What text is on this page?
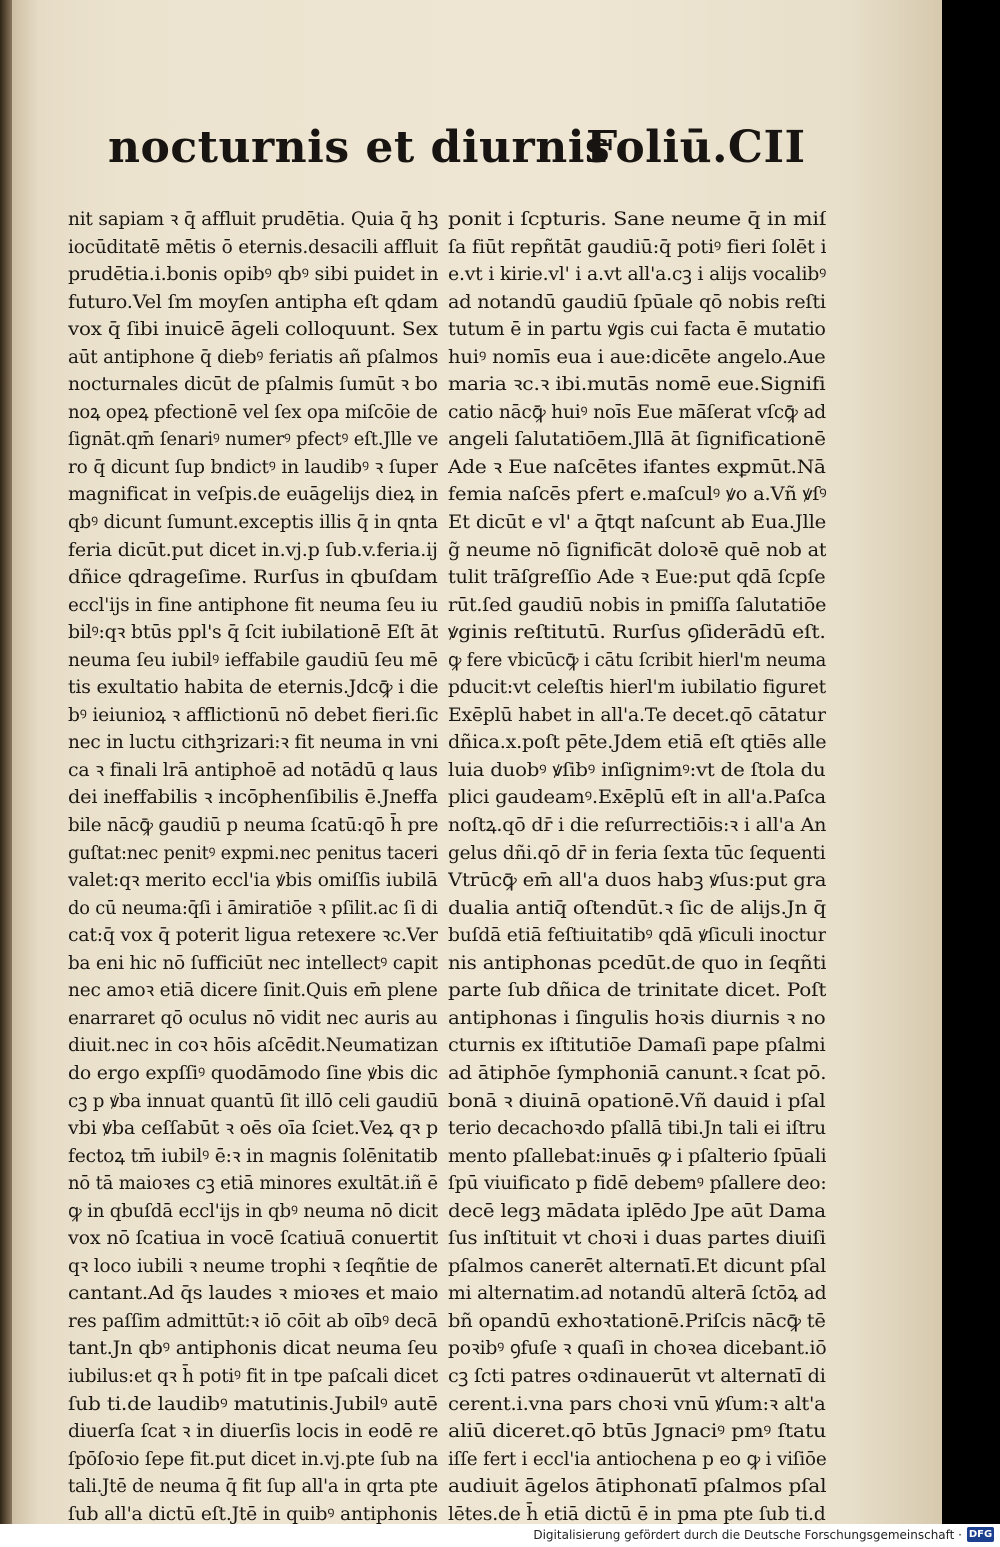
nocturnis et diurnis
Foliū.CII
nit sapiam ꝛ q̄ affluit prudētia. Quia q̄ hꝫ
iocūditatē mētis ō eternis.desacili affluit
prudētia.i.bonis opibꝰ qbꝰ sibi puidet in
futuro.Vel ſm moyſen antipha eſt qdam
vox q̄ ſibi inuicē āgeli colloquunt. Sex
aūt antiphone q̄ diebꝰ feriatis añ pſalmos
nocturnales dicūt de pſalmis ſumūt ꝛ bo
noꝝ opeꝝ pfectionē vel ſex opa miſcōie de
ſignāt.qm̄ ſenariꝰ numerꝰ pfectꝰ eſt.Jlle ve
ro q̄ dicunt ſup bndictꝰ in laudibꝰ ꝛ ſuper
magnificat in veſpis.de euāgelijs dieꝝ in
qbꝰ dicunt ſumunt.exceptis illis q̄ in qnta
feria dicūt.put dicet in.vj.p ſub.v.feria.ij
dñice qdrageſime. Rurſus in qbuſdam
eccl'ijs in fine antiphone fit neuma ſeu iu
bilꝰ:qꝛ btūs ppl's q̄ ſcit iubilationē Eſt āt
neuma ſeu iubilꝰ ieffabile gaudiū ſeu mē
tis exultatio habita de eternis.Jdcꝙ̄ i die
bꝰ ieiunioꝝ ꝛ afflictionū nō debet fieri.ſic
nec in luctu cithꝫrizari:ꝛ fit neuma in vni
ca ꝛ finali lrā antiphoē ad notādū q laus
dei ineffabilis ꝛ incōphenſibilis ē.Jneffa
bile nācꝙ̄ gaudiū p neuma ſcatū:qō h̄ pre
guſtat:nec penitꝰ expmi.nec penitus taceri
valet:qꝛ merito eccl'ia ꝟbis omiſſis iubilā
do cū neuma:q̄ſi i āmiratiōe ꝛ pſilit.ac ſi di
cat:q̄ vox q̄ poterit ligua retexere ꝛc.Ver
ba eni hic nō ſufficiūt nec intellectꝰ capit
nec amoꝛ etiā dicere ſinit.Quis em̄ plene
enarraret qō oculus nō vidit nec auris au
diuit.nec in coꝛ hōis aſcēdit.Neumatizan
do ergo expſſiꝰ quodāmodo ſine ꝟbis dic
cꝫ p ꝟba innuat quantū ſit illō celi gaudiū
vbi ꝟba ceſſabūt ꝛ oēs oīa ſciet.Veꝝ qꝛ p
fectoꝝ tm̄ iubilꝰ ē:ꝛ in magnis ſolēnitatib
nō tā maioꝛes cꝫ etiā minores exultāt.iñ ē
ꝙ in qbuſdā eccl'ijs in qbꝰ neuma nō dicit
vox nō ſcatiua in vocē ſcatiuā conuertit
qꝛ loco iubili ꝛ neume trophi ꝛ ſeqñtie de
cantant.Ad q̄s laudes ꝛ mioꝛes et maio
res paſſim admittūt:ꝛ iō cōit ab oībꝰ decā
tant.Jn qbꝰ antiphonis dicat neuma ſeu
iubilus:et qꝛ h̄ potiꝰ fit in tpe paſcali dicet
ſub ti.de laudibꝰ matutinis.Jubilꝰ autē
diuerſa ſcat ꝛ in diuerſis locis in eodē re
ſpōſoꝛio ſepe fit.put dicet in.vj.pte ſub na
tali.Jtē de neuma q̄ fit ſup all'a in qrta pte
ſub all'a dictū eſt.Jtē in quibꝰ antiphonis
ponit i ſcpturis. Sane neume q̄ in miſ
ſa fiūt repñtāt gaudiū:q̄ potiꝰ fieri ſolēt i
e.vt i kirie.vl' i a.vt all'a.cꝫ i alijs vocalibꝰ
ad notandū gaudiū ſpūale qō nobis reſti
tutum ē in partu ꝟgis cui facta ē mutatio
huiꝰ nomīs eua i aue:dicēte angelo.Aue
maria ꝛc.ꝛ ibi.mutās nomē eue.Signifi
catio nācꝙ̄ huiꝰ noīs Eue mā̄ſerat vſcꝙ̄ ad
angeli ſalutatiōem.Jllā āt ſignificationē
Ade ꝛ Eue naſcētes ifantes exꝑmūt.Nā
femia naſcēs pfert e.maſculꝰ ꝟo a.Vñ ꝟſꝰ
Et dicūt e vl' a q̄tqt naſcunt ab Eua.Jlle
g̃ neume nō ſignificāt doloꝛē quē nob at
tulit trāſgreſſio Ade ꝛ Eue:put qdā ſcpſe
rūt.ſed gaudiū nobis in pmiſſa ſalutatiōe
ꝟginis reſtitutū. Rurſus ꝯſiderādū eſt.
ꝙ fere vbicūcꝙ̄ i cātu ſcribit hierl'm neuma
pducit:vt celeſtis hierl'm iubilatio figuret
Exēplū habet in all'a.Te decet.qō cātatur
dñica.x.poſt pēte.Jdem etiā eſt qtiēs alle
luia duobꝰ ꝟſibꝰ inſignimꝰ:vt de ſtola du
plici gaudeamꝰ.Exēplū eſt in all'a.Paſca
noſtꝝ.qō dr̄ i die reſurrectiōis:ꝛ i all'a An
gelus dñi.qō dr̄ in feria ſexta tūc ſequenti
Vtrūcꝙ̄ em̄ all'a duos habꝫ ꝟſus:put gra
dualia antiq̄ oſtendūt.ꝛ ſic de alijs.Jn q̄
buſdā etiā feſtiuitatibꝰ qdā ꝟſiculi inoctur
nis antiphonas pcedūt.de quo in ſeqñti
parte ſub dñica de trinitate dicet. Poſt
antiphonas i ſingulis hoꝛis diurnis ꝛ no
cturnis ex iſtitutiōe Damaſi pape pſalmi
ad ātiphōe ſymphoniā canunt.ꝛ ſcat pō.
bonā ꝛ diuinā opationē.Vñ dauid i pſal
terio decachoꝛdo pſallā tibi.Jn tali ei iſtru
mento pſallebat:inuēs ꝙ i pſalterio ſpūali
ſpū viuificato p fidē debemꝰ pſallere deo:
decē legꝫ mādata iplēdo Jpe aūt Dama
ſus inſtituit vt choꝛi i duas partes diuiſi
pſalmos canerēt alternatī.Et dicunt pſal
mi alternatim.ad notandū alterā ſctōꝝ ad
bñ opandū exhoꝛtationē.Priſcis nācꝙ̄ tē
poꝛibꝰ ꝯfuſe ꝛ quaſi in choꝛea dicebant.iō
cꝫ ſcti patres oꝛdinauerūt vt alternatī di
cerent.i.vna pars choꝛi vnū ꝟſum:ꝛ alt'a
aliū diceret.qō btūs Jgnaciꝰ pmꝰ ſtatu
iſſe fert i eccl'ia antiochena p eo ꝙ i viſiōe
audiuit āgelos ātiphonatī pſalmos pſal
lētes.de h̄ etiā dictū ē in pma pte ſub ti.d
Digitalisierung gefördert durch die Deutsche Forschungsgemeinschaft · DFG
